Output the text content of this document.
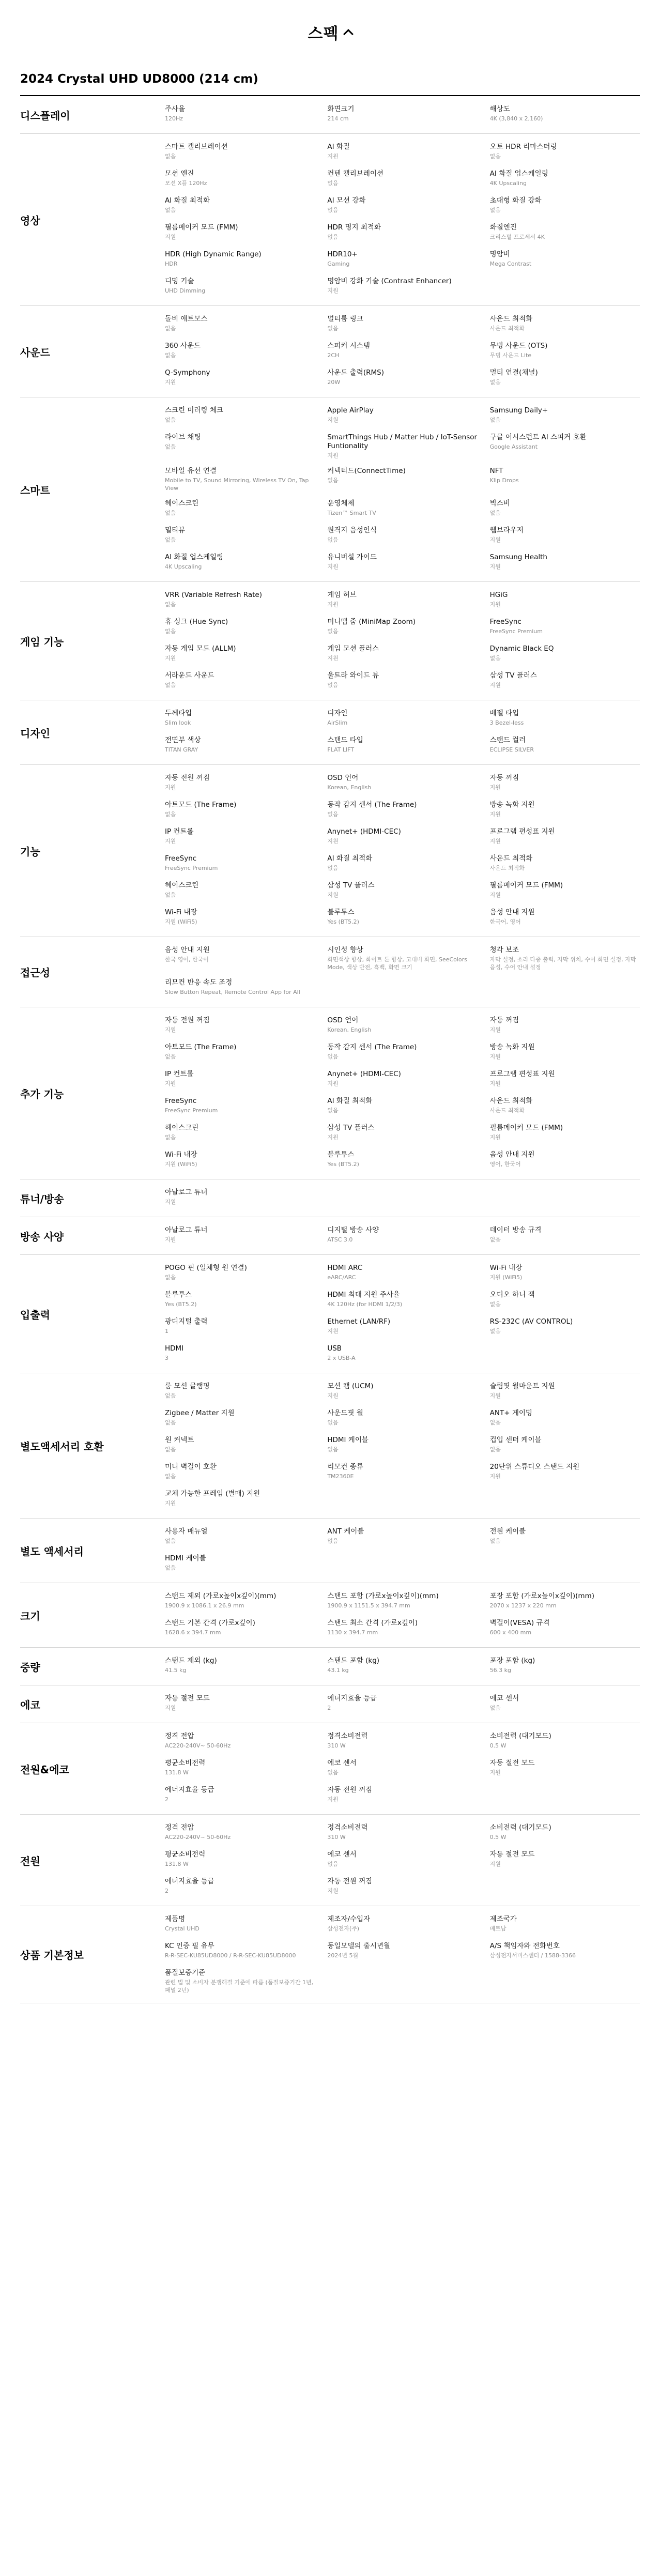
스펙
2024 Crystal UHD UD8000 (214 cm)
디스플레이
주사율
120Hz
화면크기
214 cm
해상도
4K (3,840 x 2,160)
영상
스마트 캘리브레이션
없음
AI 화질
지원
오토 HDR 리마스터링
없음
모션 엔진
모션 X플 120Hz
컨텐 캘리브레이션
없음
AI 화질 업스케일링
4K Upscaling
AI 화질 최적화
없음
AI 모션 강화
없음
초대형 화질 강화
없음
필름메이커 모드 (FMM)
지원
HDR 명지 최적화
없음
화질엔진
크리스털 프로세서 4K
HDR (High Dynamic Range)
HDR
HDR10+
Gaming
명암비
Mega Contrast
디밍 기술
UHD Dimming
명암비 강화 기술 (Contrast Enhancer)
지원
사운드
돌비 애트모스
없음
멀티룸 링크
없음
사운드 최적화
사운드 최적화
360 사운드
없음
스피커 시스템
2CH
무빙 사운드 (OTS)
무빙 사운드 Lite
Q-Symphony
지원
사운드 출력(RMS)
20W
멀티 연결(채널)
없음
스마트
스크린 미러링 체크
없음
Apple AirPlay
지원
Samsung Daily+
없음
라이브 채팅
없음
SmartThings Hub / Matter Hub / IoT-Sensor Funtionality
지원
구글 어시스턴트 AI 스피커 호환
Google Assistant
모바일 유선 연결
Mobile to TV, Sound Mirroring, Wireless TV On, Tap View
커넥티드(ConnectTime)
없음
NFT
Klip Drops
헤이스크린
없음
운영체제
Tizen™ Smart TV
빅스비
없음
멀티뷰
없음
원격지 음성인식
없음
웹브라우저
지원
AI 화질 업스케일링
4K Upscaling
유니버설 가이드
지원
Samsung Health
지원
게임 기능
VRR (Variable Refresh Rate)
없음
게임 허브
지원
HGiG
지원
휴 싱크 (Hue Sync)
없음
미니맵 줌 (MiniMap Zoom)
없음
FreeSync
FreeSync Premium
자동 게임 모드 (ALLM)
지원
게임 모션 플러스
지원
Dynamic Black EQ
없음
서라운드 사운드
없음
울트라 와이드 뷰
없음
삼성 TV 플러스
지원
디자인
두께타입
Slim look
디자인
AirSlim
베젤 타입
3 Bezel-less
전면부 색상
TITAN GRAY
스탠드 타입
FLAT LIFT
스탠드 컬러
ECLIPSE SILVER
기능
자동 전원 꺼짐
지원
OSD 언어
Korean, English
자동 꺼짐
지원
아트모드 (The Frame)
없음
동작 감지 센서 (The Frame)
없음
방송 녹화 지원
지원
IP 컨트롤
지원
Anynet+ (HDMI-CEC)
지원
프로그램 편성표 지원
지원
FreeSync
FreeSync Premium
AI 화질 최적화
없음
사운드 최적화
사운드 최적화
헤이스크린
없음
삼성 TV 플러스
지원
필름메이커 모드 (FMM)
지원
Wi-Fi 내장
지원 (WiFi5)
블루투스
Yes (BT5.2)
음성 안내 지원
한국어, 영어
접근성
음성 안내 지원
한국 영어, 한국어
시인성 향상
화면색상 향상, 화이트 톤 향상, 고대비 화면, SeeColors Mode, 색상 반전, 흑백, 화면 크기
청각 보조
자막 설정, 소리 다중 출력, 자막 위치, 수어 화면 설정, 자막 음성, 수어 안내 설정
리모컨 반응 속도 조정
Slow Button Repeat, Remote Control App for All
추가 기능
자동 전원 꺼짐
지원
OSD 언어
Korean, English
자동 꺼짐
지원
아트모드 (The Frame)
없음
동작 감지 센서 (The Frame)
없음
방송 녹화 지원
지원
IP 컨트롤
지원
Anynet+ (HDMI-CEC)
지원
프로그램 편성표 지원
지원
FreeSync
FreeSync Premium
AI 화질 최적화
없음
사운드 최적화
사운드 최적화
헤이스크린
없음
삼성 TV 플러스
지원
필름메이커 모드 (FMM)
지원
Wi-Fi 내장
지원 (WiFi5)
블루투스
Yes (BT5.2)
음성 안내 지원
영어, 한국어
튜너/방송
아날로그 튜너
지원
방송 사양
아날로그 튜너
지원
디지털 방송 사양
ATSC 3.0
데이터 방송 규격
없음
입출력
POGO 핀 (일체형 원 연결)
없음
HDMI ARC
eARC/ARC
Wi-Fi 내장
지원 (WiFi5)
블루투스
Yes (BT5.2)
HDMI 최대 지원 주사율
4K 120Hz (for HDMI 1/2/3)
오디오 하니 잭
없음
광디지털 출력
1
Ethernet (LAN/RF)
지원
RS-232C (AV CONTROL)
없음
HDMI
3
USB
2 x USB-A
별도액세서리 호환
룸 모션 글램핑
없음
모션 캠 (UCM)
지원
슬림핏 월마운트 지원
지원
Zigbee / Matter 지원
없음
사운드핏 월
없음
ANT+ 게이밍
없음
원 커넥트
없음
HDMI 케이블
없음
컵입 센터 케이블
없음
미니 벽걸이 호환
없음
리모컨 종류
TM2360E
20단위 스튜디오 스탠드 지원
지원
교체 가능한 프레임 (별매) 지원
지원
별도 액세서리
사용자 매뉴얼
없음
ANT 케이블
없음
전원 케이블
없음
HDMI 케이블
없음
크기
스탠드 제외 (가로x높이x깊이)(mm)
1900.9 x 1086.1 x 26.9 mm
스탠드 포함 (가로x높이x깊이)(mm)
1900.9 x 1151.5 x 394.7 mm
포장 포함 (가로x높이x깊이)(mm)
2070 x 1237 x 220 mm
스탠드 기본 간격 (가로x깊이)
1628.6 x 394.7 mm
스탠드 최소 간격 (가로x깊이)
1130 x 394.7 mm
벽걸이(VESA) 규격
600 x 400 mm
중량
스탠드 제외 (kg)
41.5 kg
스탠드 포함 (kg)
43.1 kg
포장 포함 (kg)
56.3 kg
에코
자동 절전 모드
지원
에너지효율 등급
2
에코 센서
없음
전원&에코
정격 전압
AC220-240V~ 50-60Hz
정격소비전력
310 W
소비전력 (대기모드)
0.5 W
평균소비전력
131.8 W
에코 센서
없음
자동 절전 모드
지원
에너지효율 등급
2
자동 전원 꺼짐
지원
전원
정격 전압
AC220-240V~ 50-60Hz
정격소비전력
310 W
소비전력 (대기모드)
0.5 W
평균소비전력
131.8 W
에코 센서
없음
자동 절전 모드
지원
에너지효율 등급
2
자동 전원 꺼짐
지원
상품 기본정보
제품명
Crystal UHD
제조자/수입자
삼성전자(주)
제조국가
베트남
KC 인증 필 유무
R-R-SEC-KU85UD8000 / R-R-SEC-KU85UD8000
동일모델의 출시년월
2024년 5월
A/S 책임자와 전화번호
삼성전자서비스센터 / 1588-3366
품질보증기준
관련 법 및 소비자 분쟁해결 기준에 따름 (품질보증기간 1년, 패널 2년)
